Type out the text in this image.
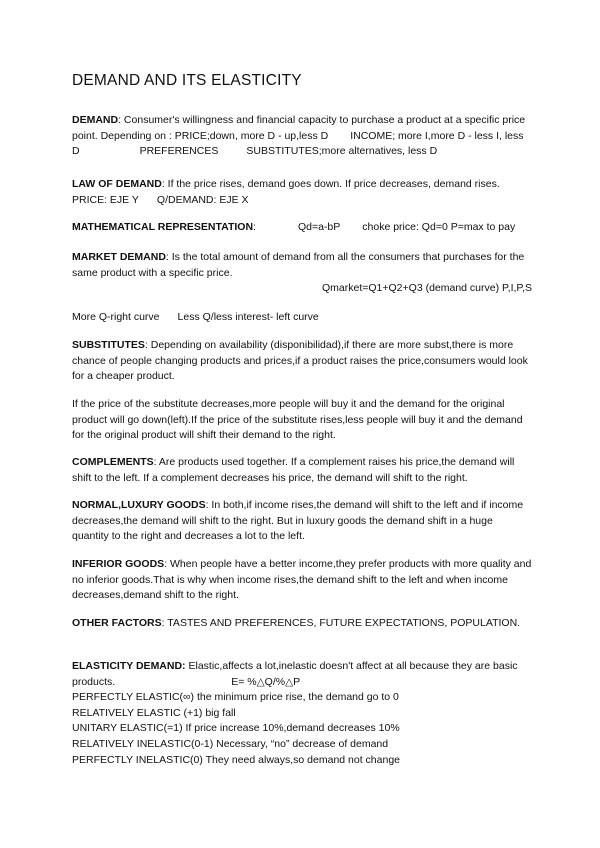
DEMAND AND ITS ELASTICITY

DEMAND: Consumer's willingness and financial capacity to purchase a product at a specific price point. Depending on : PRICE;down, more D - up,less D INCOME; more I,more D - less I, less D	PREFERENCES	SUBSTITUTES;more alternatives, less D

LAW OF DEMAND: If the price rises, demand goes down. If price decreases, demand rises.
PRICE: EJE Y Q/DEMAND: EJE X

MATHEMATICAL REPRESENTATION:	Qd=a-bP choke price: Qd=0 P=max to pay

MARKET DEMAND: Is the total amount of demand from all the consumers that purchases for the same product with a specific price.
Qmarket=Q1+Q2+Q3 (demand curve) P,I,P,S

More Q-right curve Less Q/less interest- left curve

SUBSTITUTES: Depending on availability (disponibilidad),if there are more subst,there is more chance of people changing products and prices,if a product raises the price,consumers would look for a cheaper product.

If the price of the substitute decreases,more people will buy it and the demand for the original product will go down(left).If the price of the substitute rises,less people will buy it and the demand for the original product will shift their demand to the right.

COMPLEMENTS: Are products used together. If a complement raises his price,the demand will shift to the left. If a complement decreases his price, the demand will shift to the right.

NORMAL,LUXURY GOODS: In both,if income rises,the demand will shift to the left and if income decreases,the demand will shift to the right. But in luxury goods the demand shift in a huge quantity to the right and decreases a lot to the left.

INFERIOR GOODS: When people have a better income,they prefer products with more quality and no inferior goods.That is why when income rises,the demand shift to the left and when income decreases,demand shift to the right.

OTHER FACTORS: TASTES AND PREFERENCES, FUTURE EXPECTATIONS, POPULATION.

ELASTICITY DEMAND: Elastic,affects a lot,inelastic doesn't affect at all because they are basic products.	E= %△Q/%△P
PERFECTLY ELASTIC(∞) the minimum price rise, the demand go to 0
RELATIVELY ELASTIC (+1) big fall
UNITARY ELASTIC(=1) If price increase 10%,demand decreases 10%
RELATIVELY INELASTIC(0-1) Necessary, “no” decrease of demand
PERFECTLY INELASTIC(0) They need always,so demand not change
